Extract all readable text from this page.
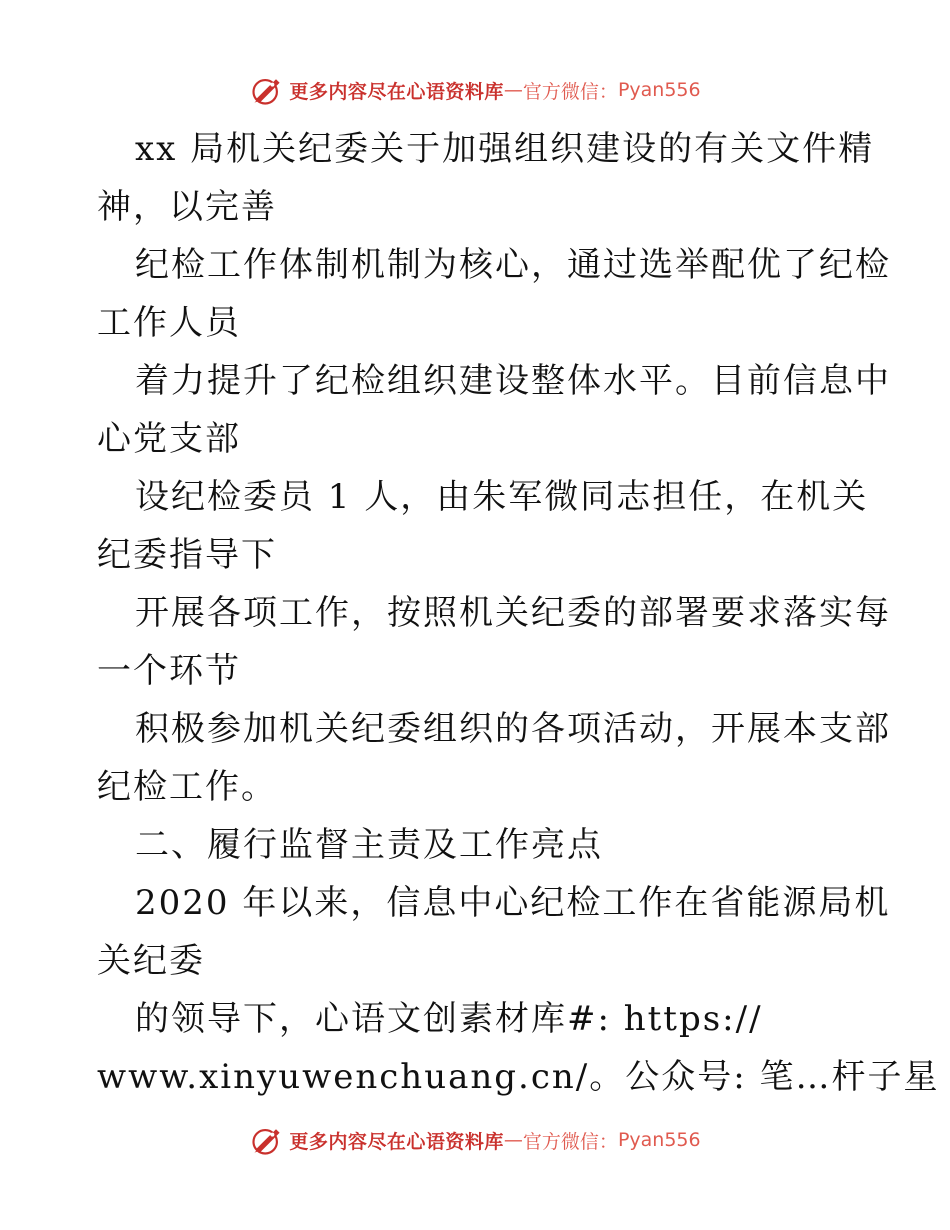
更多内容尽在心语资料库 — 官方微信： Pyan556
xx 局机关纪委关于加强组织建设的有关文件精
神，以完善
纪检工作体制机制为核心，通过选举配优了纪检
工作人员
着力提升了纪检组织建设整体水平。目前信息中
心党支部
设纪检委员 1 人，由朱军微同志担任，在机关
纪委指导下
开展各项工作，按照机关纪委的部署要求落实每
一个环节
积极参加机关纪委组织的各项活动，开展本支部
纪检工作。
二、履行监督主责及工作亮点
2020 年以来，信息中心纪检工作在省能源局机
关纪委
的领导下，心语文创素材库#: https://
www.xinyuwenchuang.cn/。公众号: 笔…杆子星
更多内容尽在心语资料库 — 官方微信： Pyan556
